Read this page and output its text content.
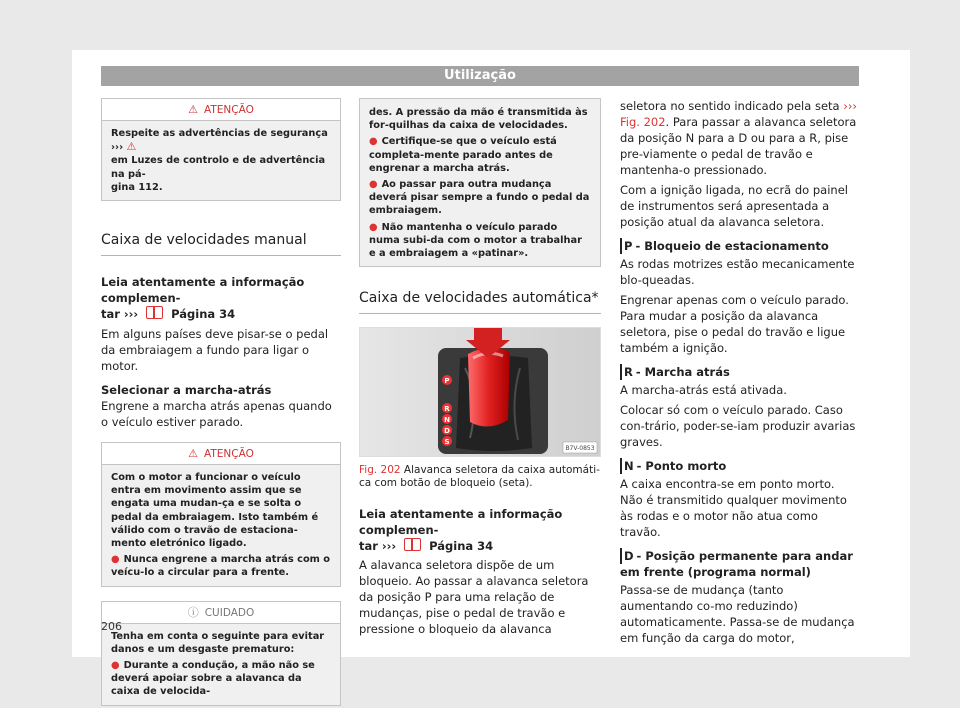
Utilização
⚠ ATENÇÃO
Respeite as advertências de segurança ››› ⚠
em Luzes de controlo e de advertência na pá-
gina 112.
Caixa de velocidades manual

Leia atentamente a informação complemen-
tar ›››  Página 34

Em alguns países deve pisar-se o pedal da embraiagem a fundo para ligar o motor.

Selecionar a marcha-atrás

Engrene a marcha atrás apenas quando o veículo estiver parado.

⚠ ATENÇÃO
Com o motor a funcionar o veículo entra em movimento assim que se engata uma mudan-ça e se solta o pedal da embraiagem. Isto também é válido com o travão de estaciona-mento eletrónico ligado.
● Nunca engrene a marcha atrás com o veícu-lo a circular para a frente.
ⓘ CUIDADO
Tenha em conta o seguinte para evitar danos e um desgaste prematuro:
● Durante a condução, a mão não se deverá apoiar sobre a alavanca da caixa de velocida-
des. A pressão da mão é transmitida às for-quilhas da caixa de velocidades.
● Certifique-se que o veículo está completa-mente parado antes de engrenar a marcha atrás.
● Ao passar para outra mudança deverá pisar sempre a fundo o pedal da embraiagem.
● Não mantenha o veículo parado numa subi-da com o motor a trabalhar e a embraiagem a «patinar».
Caixa de velocidades automática*
P
R
N
D
S
B7V-0853
Fig. 202 Alavanca seletora da caixa automáti-ca com botão de bloqueio (seta).

Leia atentamente a informação complemen-
tar ›››  Página 34

A alavanca seletora dispõe de um bloqueio. Ao passar a alavanca seletora da posição P para uma relação de mudanças, pise o pedal de travão e pressione o bloqueio da alavanca

seletora no sentido indicado pela seta ››› Fig. 202. Para passar a alavanca seletora da posição N para a D ou para a R, pise pre-viamente o pedal de travão e mantenha-o pressionado.

Com a ignição ligada, no ecrã do painel de instrumentos será apresentada a posição atual da alavanca seletora.

P - Bloqueio de estacionamento

As rodas motrizes estão mecanicamente blo-queadas.

Engrenar apenas com o veículo parado. Para mudar a posição da alavanca seletora, pise o pedal do travão e ligue também a ignição.

R - Marcha atrás

A marcha-atrás está ativada.

Colocar só com o veículo parado. Caso con-trário, poder-se-iam produzir avarias graves.

N - Ponto morto

A caixa encontra-se em ponto morto. Não é transmitido qualquer movimento às rodas e o motor não atua como travão.

D - Posição permanente para andar em frente (programa normal)

Passa-se de mudança (tanto aumentando co-mo reduzindo) automaticamente. Passa-se de mudança em função da carga do motor,

206
